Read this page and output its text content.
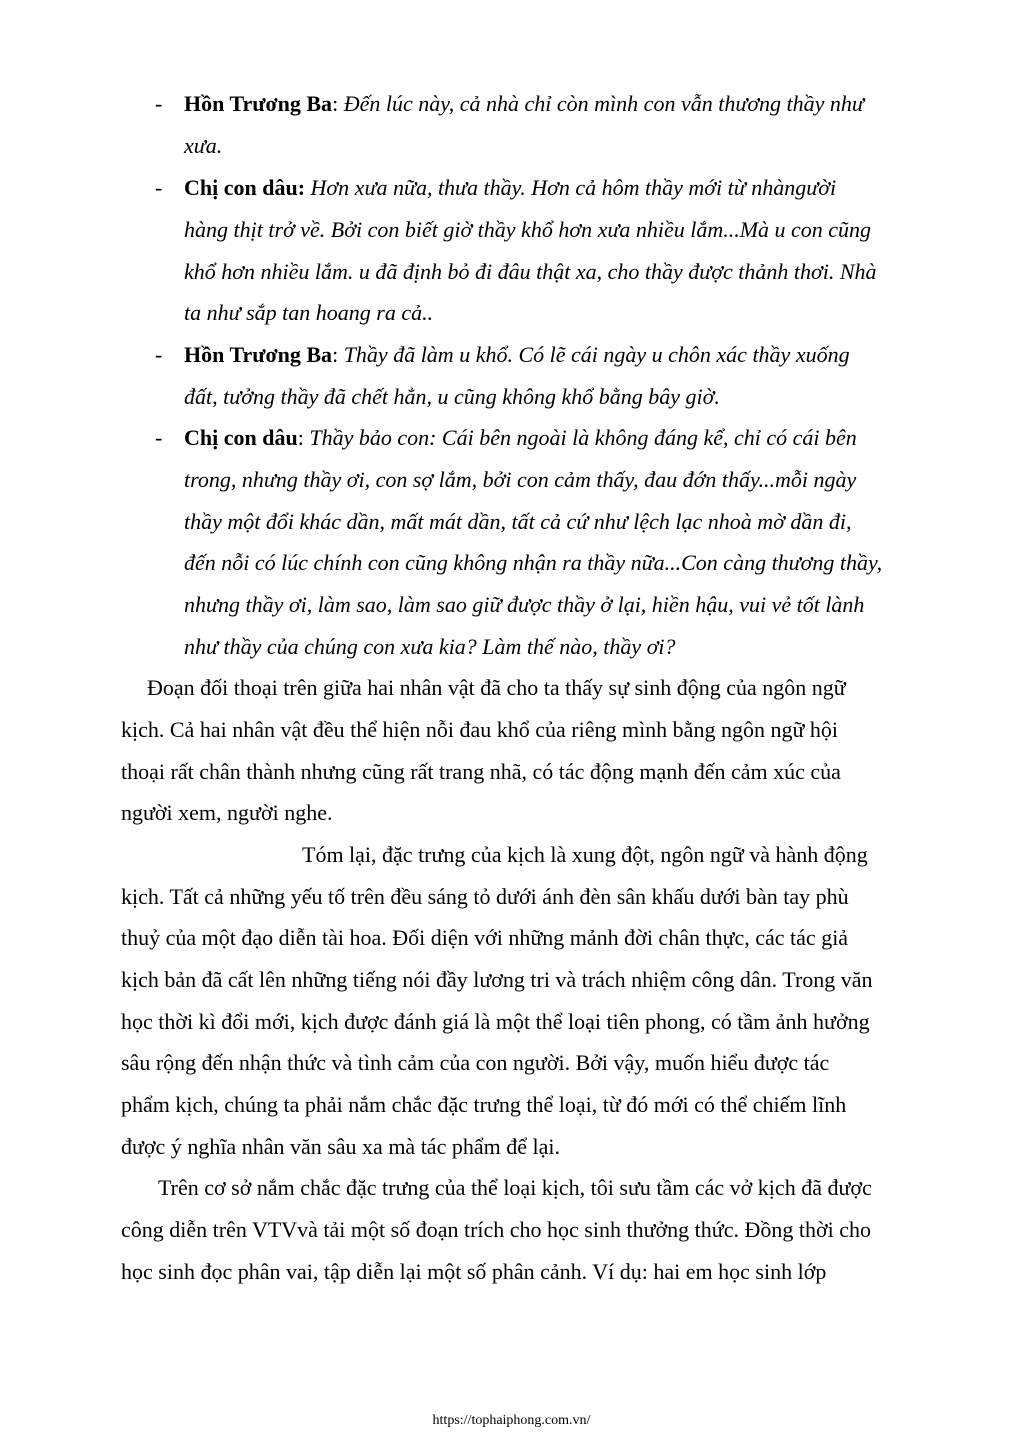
- Hồn Trương Ba: Đến lúc này, cả nhà chỉ còn mình con vẫn thương thầy như
xưa.
- Chị con dâu: Hơn xưa nữa, thưa thầy. Hơn cả hôm thầy mới từ nhàngười
hàng thịt trở về. Bởi con biết giờ thầy khổ hơn xưa nhiều lắm...Mà u con cũng
khổ hơn nhiều lắm. u đã định bỏ đi đâu thật xa, cho thầy được thảnh thơi. Nhà
ta như sắp tan hoang ra cả..
- Hồn Trương Ba: Thầy đã làm u khổ. Có lẽ cái ngày u chôn xác thầy xuống
đất, tưởng thầy đã chết hẳn, u cũng không khổ bằng bây giờ.
- Chị con dâu: Thầy bảo con: Cái bên ngoài là không đáng kể, chỉ có cái bên
trong, nhưng thầy ơi, con sợ lắm, bởi con cảm thấy, đau đớn thấy...mỗi ngày
thầy một đổi khác dần, mất mát dần, tất cả cứ như lệch lạc nhoà mờ dần đi,
đến nỗi có lúc chính con cũng không nhận ra thầy nữa...Con càng thương thầy,
nhưng thầy ơi, làm sao, làm sao giữ được thầy ở lại, hiền hậu, vui vẻ tốt lành
như thầy của chúng con xưa kia? Làm thế nào, thầy ơi?
Đoạn đối thoại trên giữa hai nhân vật đã cho ta thấy sự sinh động của ngôn ngữ
kịch. Cả hai nhân vật đều thể hiện nỗi đau khổ của riêng mình bằng ngôn ngữ hội
thoại rất chân thành nhưng cũng rất trang nhã, có tác động mạnh đến cảm xúc của
người xem, người nghe.
Tóm lại, đặc trưng của kịch là xung đột, ngôn ngữ và hành động
kịch. Tất cả những yếu tố trên đều sáng tỏ dưới ánh đèn sân khấu dưới bàn tay phù
thuỷ của một đạo diễn tài hoa. Đối diện với những mảnh đời chân thực, các tác giả
kịch bản đã cất lên những tiếng nói đầy lương tri và trách nhiệm công dân. Trong văn
học thời kì đổi mới, kịch được đánh giá là một thể loại tiên phong, có tầm ảnh hưởng
sâu rộng đến nhận thức và tình cảm của con người. Bởi vậy, muốn hiểu được tác
phẩm kịch, chúng ta phải nắm chắc đặc trưng thể loại, từ đó mới có thể chiếm lĩnh
được ý nghĩa nhân văn sâu xa mà tác phẩm để lại.
Trên cơ sở nắm chắc đặc trưng của thể loại kịch, tôi sưu tầm các vở kịch đã được
công diễn trên VTVvà tải một số đoạn trích cho học sinh thưởng thức. Đồng thời cho
học sinh đọc phân vai, tập diễn lại một số phân cảnh. Ví dụ: hai em học sinh lớp
https://tophaiphong.com.vn/
